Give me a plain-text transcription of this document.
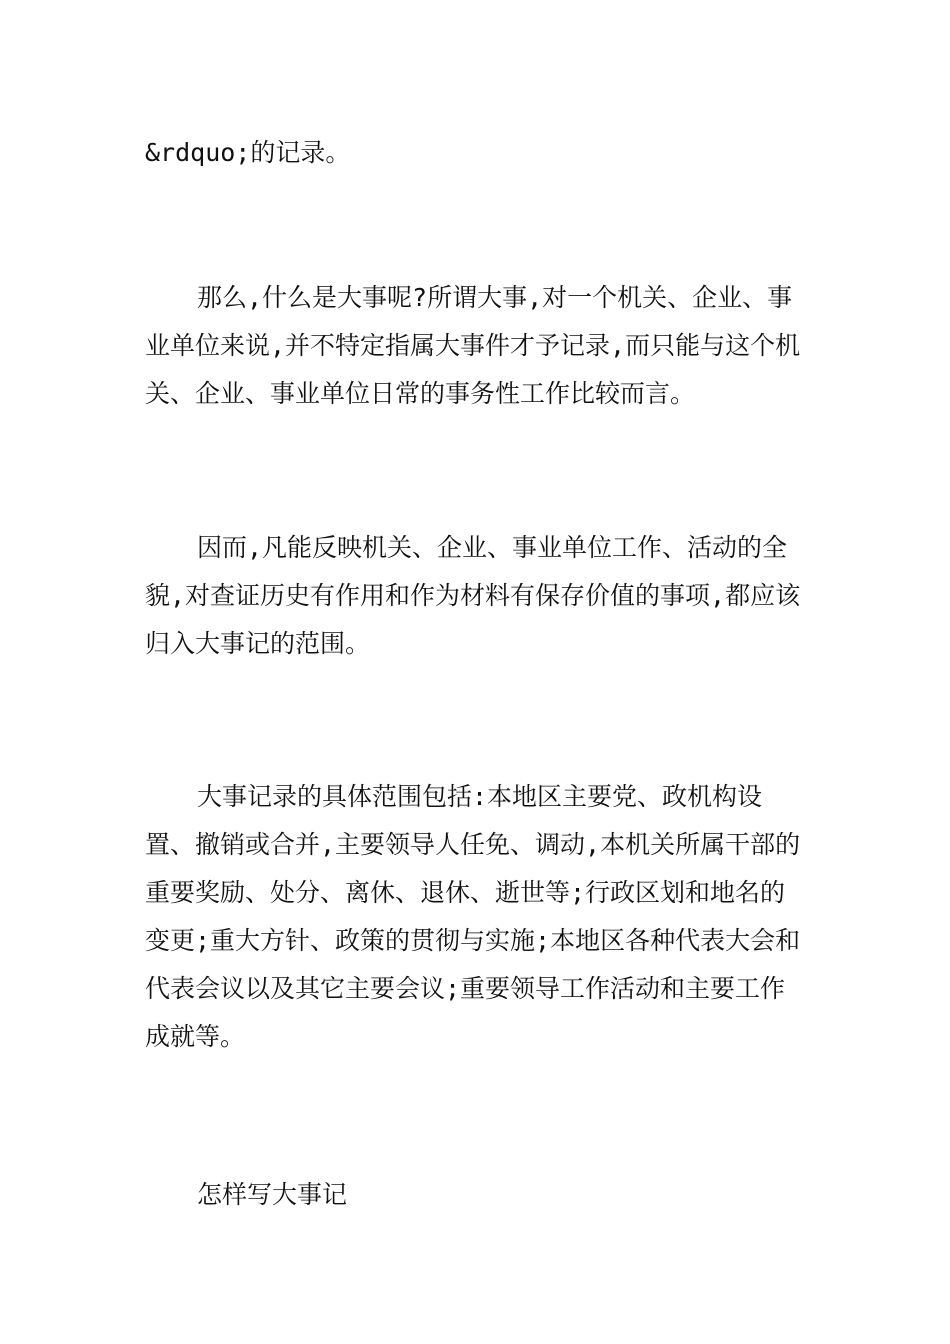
&rdquo;的记录。

那么,什么是大事呢?所谓大事,对一个机关、企业、事业单位来说,并不特定指属大事件才予记录,而只能与这个机关、企业、事业单位日常的事务性工作比较而言。

因而,凡能反映机关、企业、事业单位工作、活动的全貌,对查证历史有作用和作为材料有保存价值的事项,都应该归入大事记的范围。

大事记录的具体范围包括:本地区主要党、政机构设置、撤销或合并,主要领导人任免、调动,本机关所属干部的重要奖励、处分、离休、退休、逝世等;行政区划和地名的变更;重大方针、政策的贯彻与实施;本地区各种代表大会和代表会议以及其它主要会议;重要领导工作活动和主要工作成就等。

怎样写大事记
